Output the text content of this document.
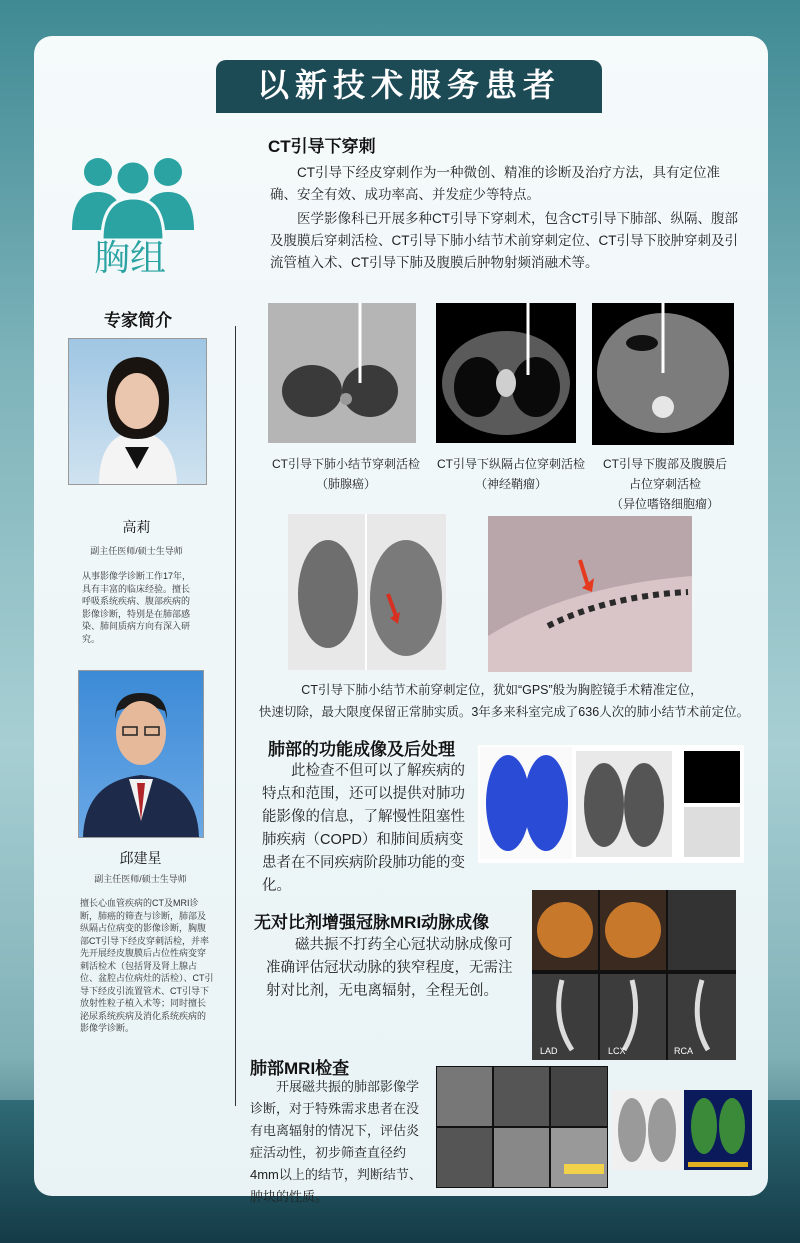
以新技术服务患者
胸组
专家简介
高莉
副主任医师/硕士生导师
从事影像学诊断工作17年，具有丰富的临床经验。擅长呼吸系统疾病、腹部疾病的影像诊断，特别是在肺部感染、肺间质病方向有深入研究。
邱建星
副主任医师/硕士生导师
擅长心血管疾病的CT及MRI诊断，肺癌的筛查与诊断，肺部及纵隔占位病变的影像诊断，胸腹部CT引导下经皮穿刺活检，并率先开展经皮腹膜后占位性病变穿刺活检术（包括肾及肾上腺占位、盆腔占位病灶的活检）、CT引导下经皮引流置管术、CT引导下放射性粒子植入术等；同时擅长泌尿系统疾病及消化系统疾病的影像学诊断。
CT引导下穿刺
CT引导下经皮穿刺作为一种微创、精准的诊断及治疗方法，具有定位准确、安全有效、成功率高、并发症少等特点。
医学影像科已开展多种CT引导下穿刺术，包含CT引导下肺部、纵隔、腹部及腹膜后穿刺活检、CT引导下肺小结节术前穿刺定位、CT引导下胶肿穿刺及引流管植入术、CT引导下肺及腹膜后肿物射频消融术等。
CT引导下肺小结节穿刺活检
（肺腺癌）
CT引导下纵隔占位穿刺活检
（神经鞘瘤）
CT引导下腹部及腹膜后
占位穿刺活检
（异位嗜铬细胞瘤）
CT引导下肺小结节术前穿刺定位，犹如“GPS”般为胸腔镜手术精准定位，
快速切除，最大限度保留正常肺实质。3年多来科室完成了636人次的肺小结节术前定位。
肺部的功能成像及后处理
此检查不但可以了解疾病的特点和范围，还可以提供对肺功能影像的信息，了解慢性阻塞性肺疾病（COPD）和肺间质病变患者在不同疾病阶段肺功能的变化。
无对比剂增强冠脉MRI动脉成像
磁共振不打药全心冠状动脉成像可准确评估冠状动脉的狭窄程度，无需注射对比剂，无电离辐射，全程无创。
LAD	LCX	RCA
肺部MRI检查
开展磁共振的肺部影像学诊断，对于特殊需求患者在没有电离辐射的情况下，评估炎症活动性，初步筛查直径约4mm以上的结节，判断结节、肿块的性质。
